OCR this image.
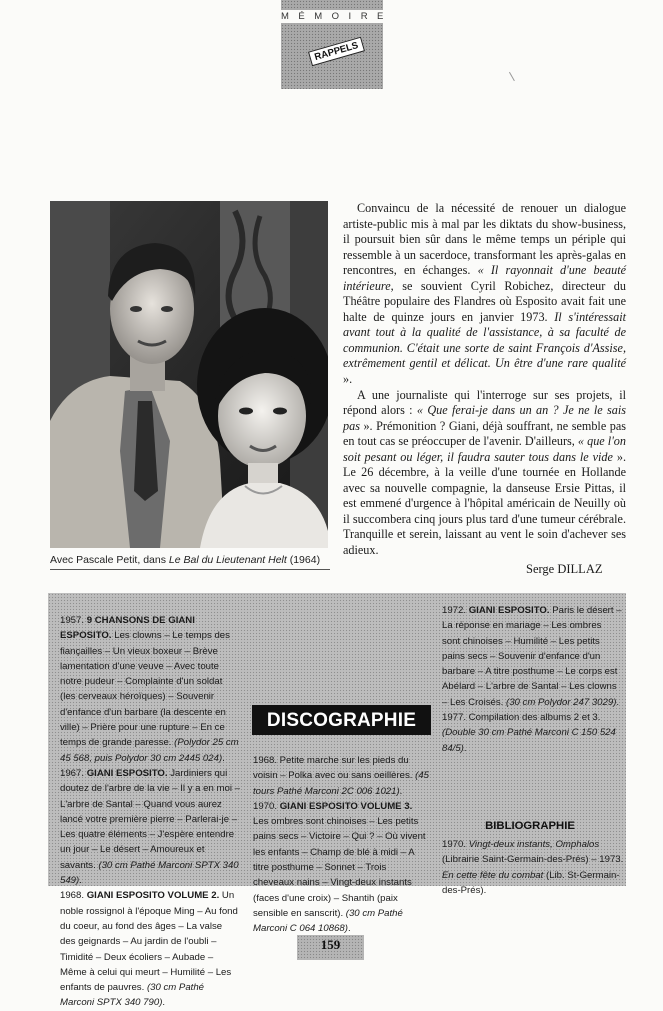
MÉMOIRE
RAPPELS
Avec Pascale Petit, dans Le Bal du Lieutenant Helt (1964)

Convaincu de la nécessité de renouer un dialogue artiste-public mis à mal par les diktats du show-business, il poursuit bien sûr dans le même temps un périple qui ressemble à un sacerdoce, transformant les après-galas en rencontres, en échanges. « Il rayonnait d'une beauté intérieure, se souvient Cyril Robichez, directeur du Théâtre populaire des Flandres où Esposito avait fait une halte de quinze jours en janvier 1973. Il s'intéressait avant tout à la qualité de l'assistance, à sa faculté de communion. C'était une sorte de saint François d'Assise, extrêmement gentil et délicat. Un être d'une rare qualité ».

A une journaliste qui l'interroge sur ses projets, il répond alors : « Que ferai-je dans un an ? Je ne le sais pas ». Prémonition ? Giani, déjà souffrant, ne semble pas en tout cas se préoccuper de l'avenir. D'ailleurs, « que l'on soit pesant ou léger, il faudra sauter tous dans le vide ». Le 26 décembre, à la veille d'une tournée en Hollande avec sa nouvelle compagnie, la danseuse Ersie Pittas, il est emmené d'urgence à l'hôpital américain de Neuilly où il succombera cinq jours plus tard d'une tumeur cérébrale. Tranquille et serein, laissant au vent le soin d'achever ses adieux.

Serge DILLAZ

1957. 9 CHANSONS DE GIANI ESPOSITO. Les clowns – Le temps des fiançailles – Un vieux boxeur – Brève lamentation d'une veuve – Avec toute notre pudeur – Complainte d'un soldat (les cerveaux héroïques) – Souvenir d'enfance d'un barbare (la descente en ville) – Prière pour une rupture – En ce temps de grande paresse. (Polydor 25 cm 45 568, puis Polydor 30 cm 2445 024).

1967. GIANI ESPOSITO. Jardiniers qui doutez de l'arbre de la vie – Il y a en moi – L'arbre de Santal – Quand vous aurez lancé votre première pierre – Parlerai-je – Les quatre éléments – J'espère entendre un jour – Le désert – Amoureux et savants. (30 cm Pathé Marconi SPTX 340 549).

1968. GIANI ESPOSITO VOLUME 2. Un noble rossignol à l'époque Ming – Au fond du coeur, au fond des âges – La valse des geignards – Au jardin de l'oubli – Timidité – Deux écoliers – Aubade – Même à celui qui meurt – Humilité – Les enfants de pauvres. (30 cm Pathé Marconi SPTX 340 790).

1968. Petite marche sur les pieds du voisin – Polka avec ou sans oeillères. (45 tours Pathé Marconi 2C 006 1021).

1970. GIANI ESPOSITO VOLUME 3. Les ombres sont chinoises – Les petits pains secs – Victoire – Qui ? – Où vivent les enfants – Champ de blé à midi – A titre posthume – Sonnet – Trois cheveaux nains – Vingt-deux instants (faces d'une croix) – Shantih (paix sensible en sanscrit). (30 cm Pathé Marconi C 064 10868).

DISCOGRAPHIE

1972. GIANI ESPOSITO. Paris le désert – La réponse en mariage – Les ombres sont chinoises – Humilité – Les petits pains secs – Souvenir d'enfance d'un barbare – A titre posthume – Le corps est Abélard – L'arbre de Santal – Les clowns – Les Croisés. (30 cm Polydor 247 3029).

1977. Compilation des albums 2 et 3. (Double 30 cm Pathé Marconi C 150 524 84/5).

BIBLIOGRAPHIE
1970. Vingt-deux instants, Omphalos (Librairie Saint-Germain-des-Prés) – 1973. En cette fête du combat (Lib. St-Germain-des-Prés).
159
